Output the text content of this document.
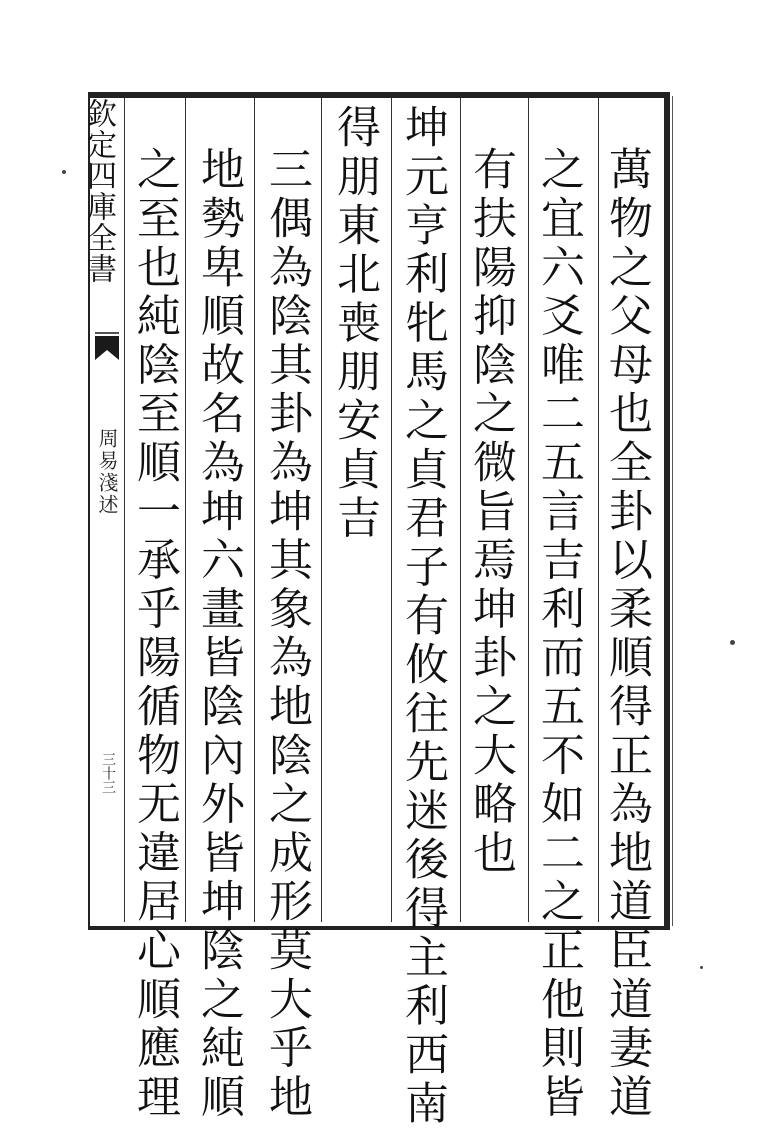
欽定四庫全書
周易淺述
三十三	萬物之父母也全卦以柔順得正為地道臣道妻道
之宜六爻唯二五言吉利而五不如二之正他則皆
有扶陽抑陰之微旨焉坤卦之大略也
坤元亨利牝馬之貞君子有攸往先迷後得主利西南
得朋東北喪朋安貞吉
三偶為陰其卦為坤其象為地陰之成形莫大乎地
地勢卑順故名為坤六畫皆陰內外皆坤陰之純順
之至也純陰至順一承乎陽循物无違居心順應理
